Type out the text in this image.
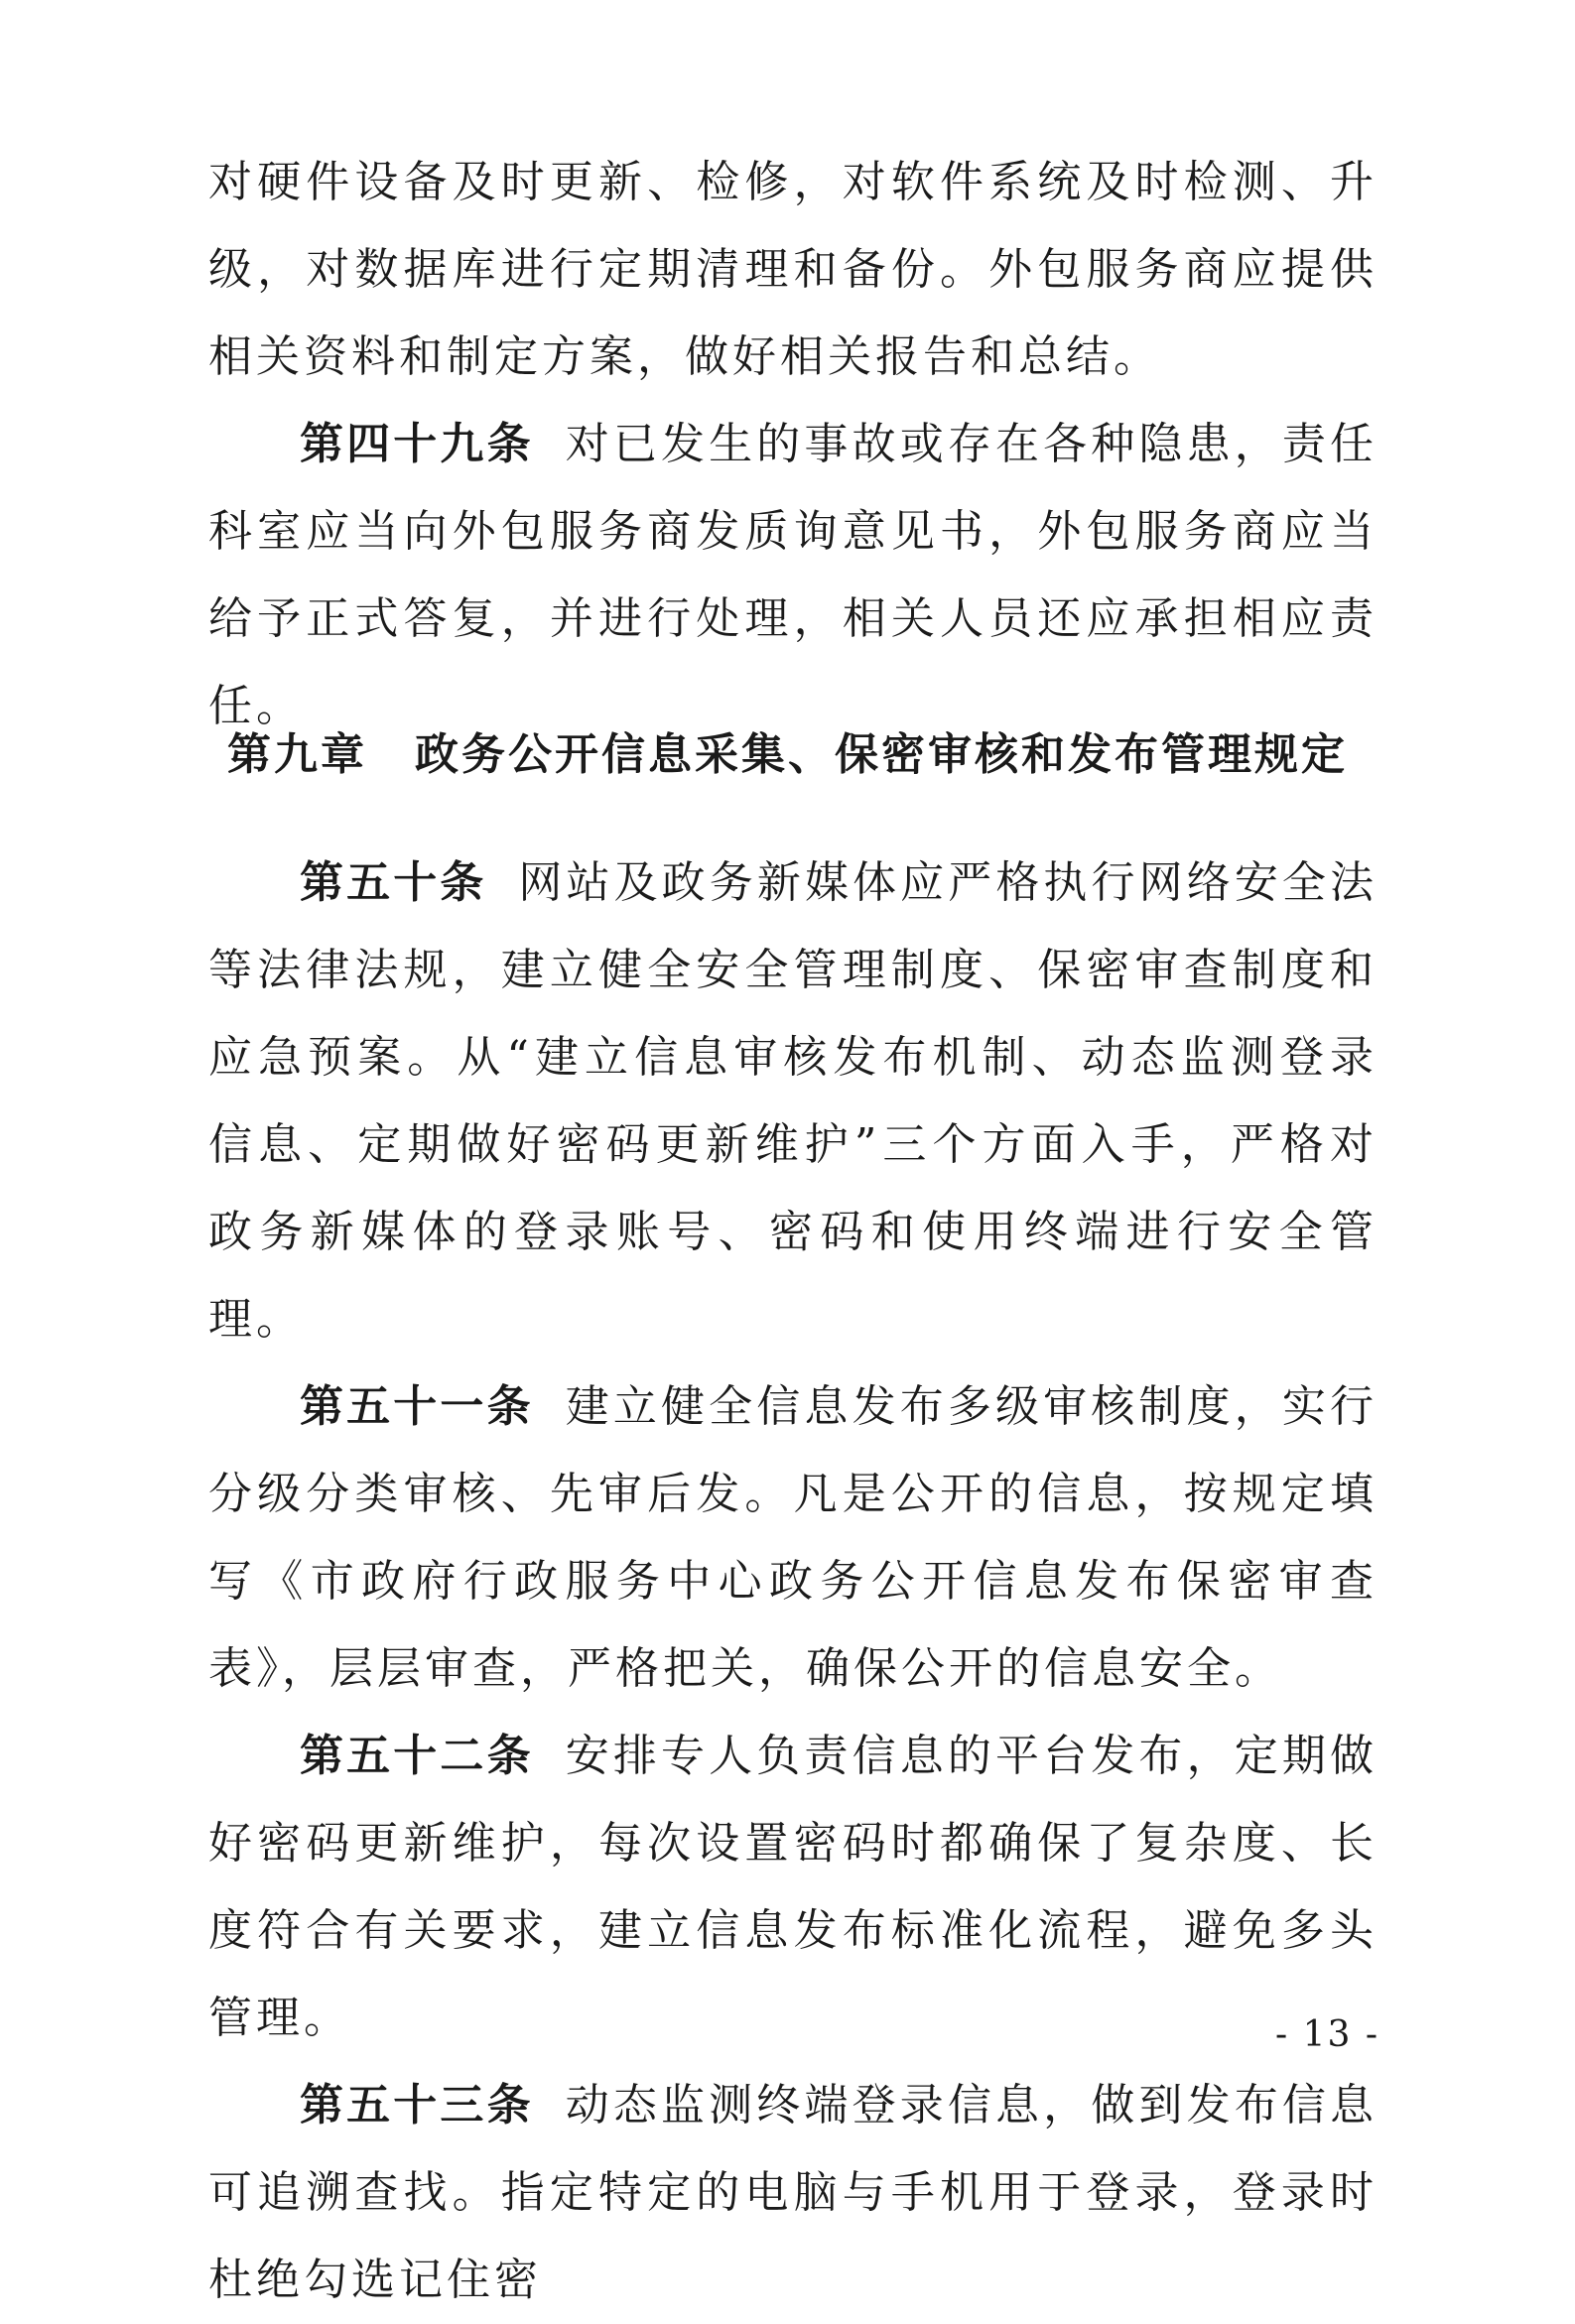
对硬件设备及时更新、检修，对软件系统及时检测、升级，对数据库进行定期清理和备份。外包服务商应提供相关资料和制定方案，做好相关报告和总结。

第四十九条 对已发生的事故或存在各种隐患，责任科室应当向外包服务商发质询意见书，外包服务商应当给予正式答复，并进行处理，相关人员还应承担相应责任。

第九章 政务公开信息采集、保密审核和发布管理规定

第五十条 网站及政务新媒体应严格执行网络安全法等法律法规，建立健全安全管理制度、保密审查制度和应急预案。从“建立信息审核发布机制、动态监测登录信息、定期做好密码更新维护”三个方面入手，严格对政务新媒体的登录账号、密码和使用终端进行安全管理。

第五十一条 建立健全信息发布多级审核制度，实行分级分类审核、先审后发。凡是公开的信息，按规定填写《市政府行政服务中心政务公开信息发布保密审查表》，层层审查，严格把关，确保公开的信息安全。

第五十二条 安排专人负责信息的平台发布，定期做好密码更新维护，每次设置密码时都确保了复杂度、长度符合有关要求，建立信息发布标准化流程，避免多头管理。

第五十三条 动态监测终端登录信息，做到发布信息可追溯查找。指定特定的电脑与手机用于登录，登录时杜绝勾选记住密

- 13 -
